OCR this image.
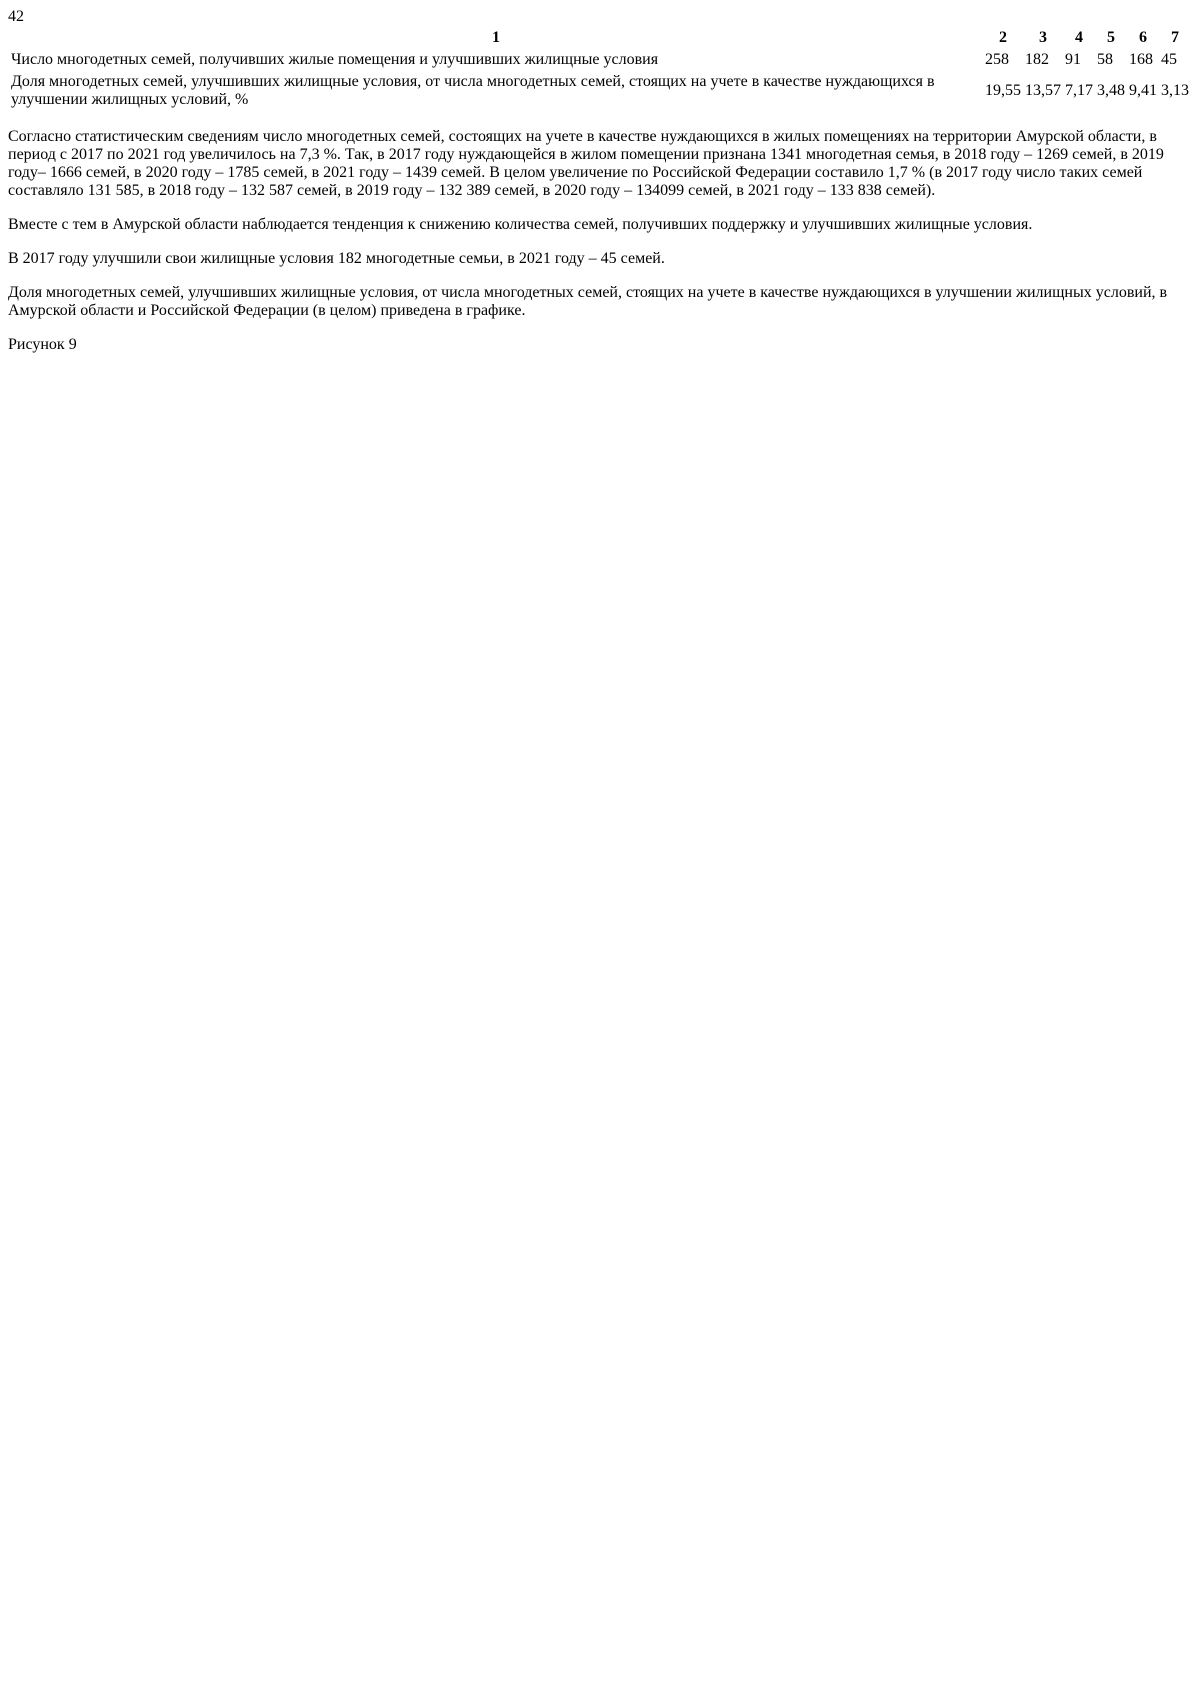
42
1	2	3	4	5	6	7
Число многодетных семей, получивших жилые помещения и улучшивших жилищные условия	258	182	91	58	168	45
Доля многодетных семей, улучшивших жилищные условия, от числа многодетных семей, стоящих на учете в качестве нуждающихся в улучшении жилищных условий, %	19,55	13,57	7,17	3,48	9,41	3,13

Согласно статистическим сведениям число многодетных семей, состоящих на учете в качестве нуждающихся в жилых помещениях на территории Амурской области, в период с 2017 по 2021 год увеличилось на 7,3 %. Так, в 2017 году нуждающейся в жилом помещении признана 1341 многодетная семья, в 2018 году – 1269 семей, в 2019 году– 1666 семей, в 2020 году – 1785 семей, в 2021 году – 1439 семей. В целом увеличение по Российской Федерации составило 1,7 % (в 2017 году число таких семей составляло 131 585, в 2018 году – 132 587 семей, в 2019 году – 132 389 семей, в 2020 году – 134099 семей, в 2021 году – 133 838 семей).

Вместе с тем в Амурской области наблюдается тенденция к снижению количества семей, получивших поддержку и улучшивших жилищные условия.

В 2017 году улучшили свои жилищные условия 182 многодетные семьи, в 2021 году – 45 семей.

Доля многодетных семей, улучшивших жилищные условия, от числа многодетных семей, стоящих на учете в качестве нуждающихся в улучшении жилищных условий, в Амурской области и Российской Федерации (в целом) приведена в графике.

Рисунок 9
